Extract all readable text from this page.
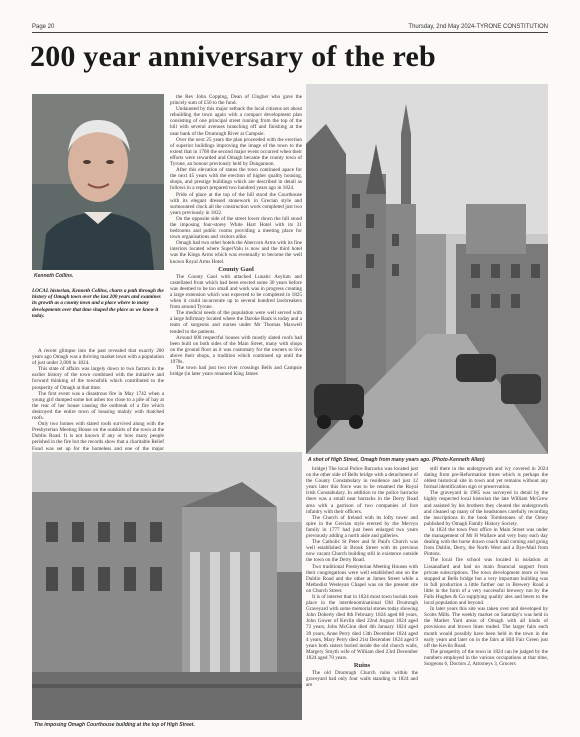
Page 20	Thursday, 2nd May 2024-TYRONE CONSTITUTION
200 year anniversary of the reb
Kenneth Collins.
LOCAL historian, Kenneth Collins, charts a path through the history of Omagh town over the last 200 years and examines its growth as a county town and a place where to many developments over that time shaped the place as we know it today.

A recent glimpse into the past revealed that exactly 200 years ago Omagh was a thriving market town with a population of just under 2,000 in 1824.

This state of affairs was largely down to two factors in the earlier history of the town combined with the initiative and forward thinking of the townsfolk which contributed to the prosperity of Omagh at that time.

The first event was a disastrous fire in May 1742 when a young girl dumped some hot ashes too close to a pile of hay at the rear of her house causing the outbreak of a fire which destroyed the entire town of housing mainly with thatched roofs.

Only two homes with slated roofs survived along with the Presbyterian Meeting House on the outskirts of the town at the Dublin Road. It is not known if any or how many people perished in the fire but the records show that a charitable Relief Fund was set up for the homeless and one of the major

the Rev John Copping, Dean of Clogher who gave the princely sum of £50 to the fund.

Undaunted by this major setback the local citizens set about rebuilding the town again with a compact development plan consisting of one principal street running from the top of the hill with several avenues branching off and finishing at the near bank of the Drumragh River at Campsie.

Over the next 25 years the plan proceeded with the erection of superior buildings improving the image of the town to the extent that in 1768 the second major event occurred when their efforts were rewarded and Omagh became the county town of Tyrone, an honour previously held by Dungannon.

After this elevation of status the town continued apace for the next 45 years with the erection of higher quality housing, shops, and prestige buildings which are described in detail as follows in a report prepared two hundred years ago in 1824.

Pride of place at the top of the hill stood the Courthouse with its elegant dressed stonework in Grecian style and surmounted clock all the construction work completed just two years previously in 1822.

On the opposite side of the street lower down the hill stood the imposing four-storey White Hart Hotel with its 31 bedrooms and public rooms providing a meeting place for town organisations and visitors alike.

Omagh had two other hotels the Abercorn Arms with its fine interiors located where SuperValu is now and the third hotel was the Kings Arms which was eventually to become the well known Royal Arms Hotel.

County Gaol

The County Gaol with attached Lunatic Asylum and castellated front which had been erected some 30 years before was deemed to be too small and work was in progress creating a large extension which was expected to be completed in 1825 when it could incarcerate up to several hundred lawbreakers from around Tyrone.

The medical needs of the population were well served with a large Infirmary located where the Daroke Bank is today and a team of surgeons and nurses under Mr Thomas Maxwell tended to the patients.

Around 600 respectful houses with mostly slated roofs had been built on both sides of the Main Street, many with shops on the ground floor as it was customary for the owners to live above their shops, a tradition which continued up until the 1970s.

The town had just two river crossings Bells and Campsie bridge (in later years renamed King James

A shot of High Street, Omagh from many years ago. (Photo-Kenneth Allen)
The imposing Omagh Courthouse building at the top of High Street.

bridge) The local Police Barracks was located just on the other side of Bells bridge with a detachment of the County Constabulary in residence and just 12 years later this force was to be renamed the Royal Irish Constabulary. In addition to the police barracks there was a small neat barracks in the Derry Road area with a garrison of two companies of foot infantry with their officers.

The Church of Ireland with its lofty tower and spire in the Grecian style erected by the Mervyn family in 1777 had just been enlarged two years previously adding a north aisle and galleries.

The Catholic St Peter and St Paul's Church was well established in Brook Street with its previous now vacant Church building still in existence outside the town on the Derry Road.

Two traditional Presbyterian Meeting Houses with their congregations were well established one on the Dublin Road and the other at James Street while a Methodist Wesleyan Chapel was on the present site on Church Street.

It is of interest that in 1824 most town burials took place in the interdenominational Old Drumragh Graveyard with some memorial stones today showing John Doherty died 8th February 1824 aged 88 years, John Gower of Kevlin died 22nd August 1824 aged 72 years, John McGinn died 4th January 1824 aged 39 years, Anne Perry died 13th December 1824 aged 4 years, Mary Perry died 21st December 1824 aged 9 years both sisters buried inside the old church walls, Margery Smyth wife of William died 23rd December 1824 aged 70 years.

Ruins

The old Drumragh Church ruins within the graveyard had only four walls standing in 1824 and are

still there in the undergrowth and ivy covered in 2024 dating from pre-Reformation times which is perhaps the oldest historical site in town and yet remains without any formal identification sign or preservation.

The graveyard in 1985 was surveyed in detail by the highly respected local historian the late William McGrew and assisted by his brothers they cleared the undergrowth and cleaned up many of the headstones carefully recording the inscriptions in the book Tombstones of the Omey published by Omagh Family History Society.

In 1824 the town Post office in Main Street was under the management of Mr H Wallace and very busy each day dealing with the horse drawn coach mail coming and going from Dublin, Derry, the North West and a Bye-Mail from Pintons.

The local fire school was located in isolation at Lissanallard and had no main financial support from private subscriptions. The town development more or less stopped at Bells bridge but a very important building was in full production a little further out in Brewery Road a little in the form of a very successful brewery run by the Falls Hughes & Co supplying quality ales and beers to the local population and beyond.

In later years this site was taken over and developed by Scotts Mills. The weekly market on Saturday's was held in the Market Yard areas of Omagh with all kinds of provisions and brown linen traded. The larger fairs each month would possibly have been held in the town in the early years and later on in the fairs at Hill Fair Green just off the Kevlin Road.

The prosperity of the town in 1824 can be judged by the numbers employed in the various occupations at that time, Surgeons 6, Doctors 2, Attorneys 3, Grocers
